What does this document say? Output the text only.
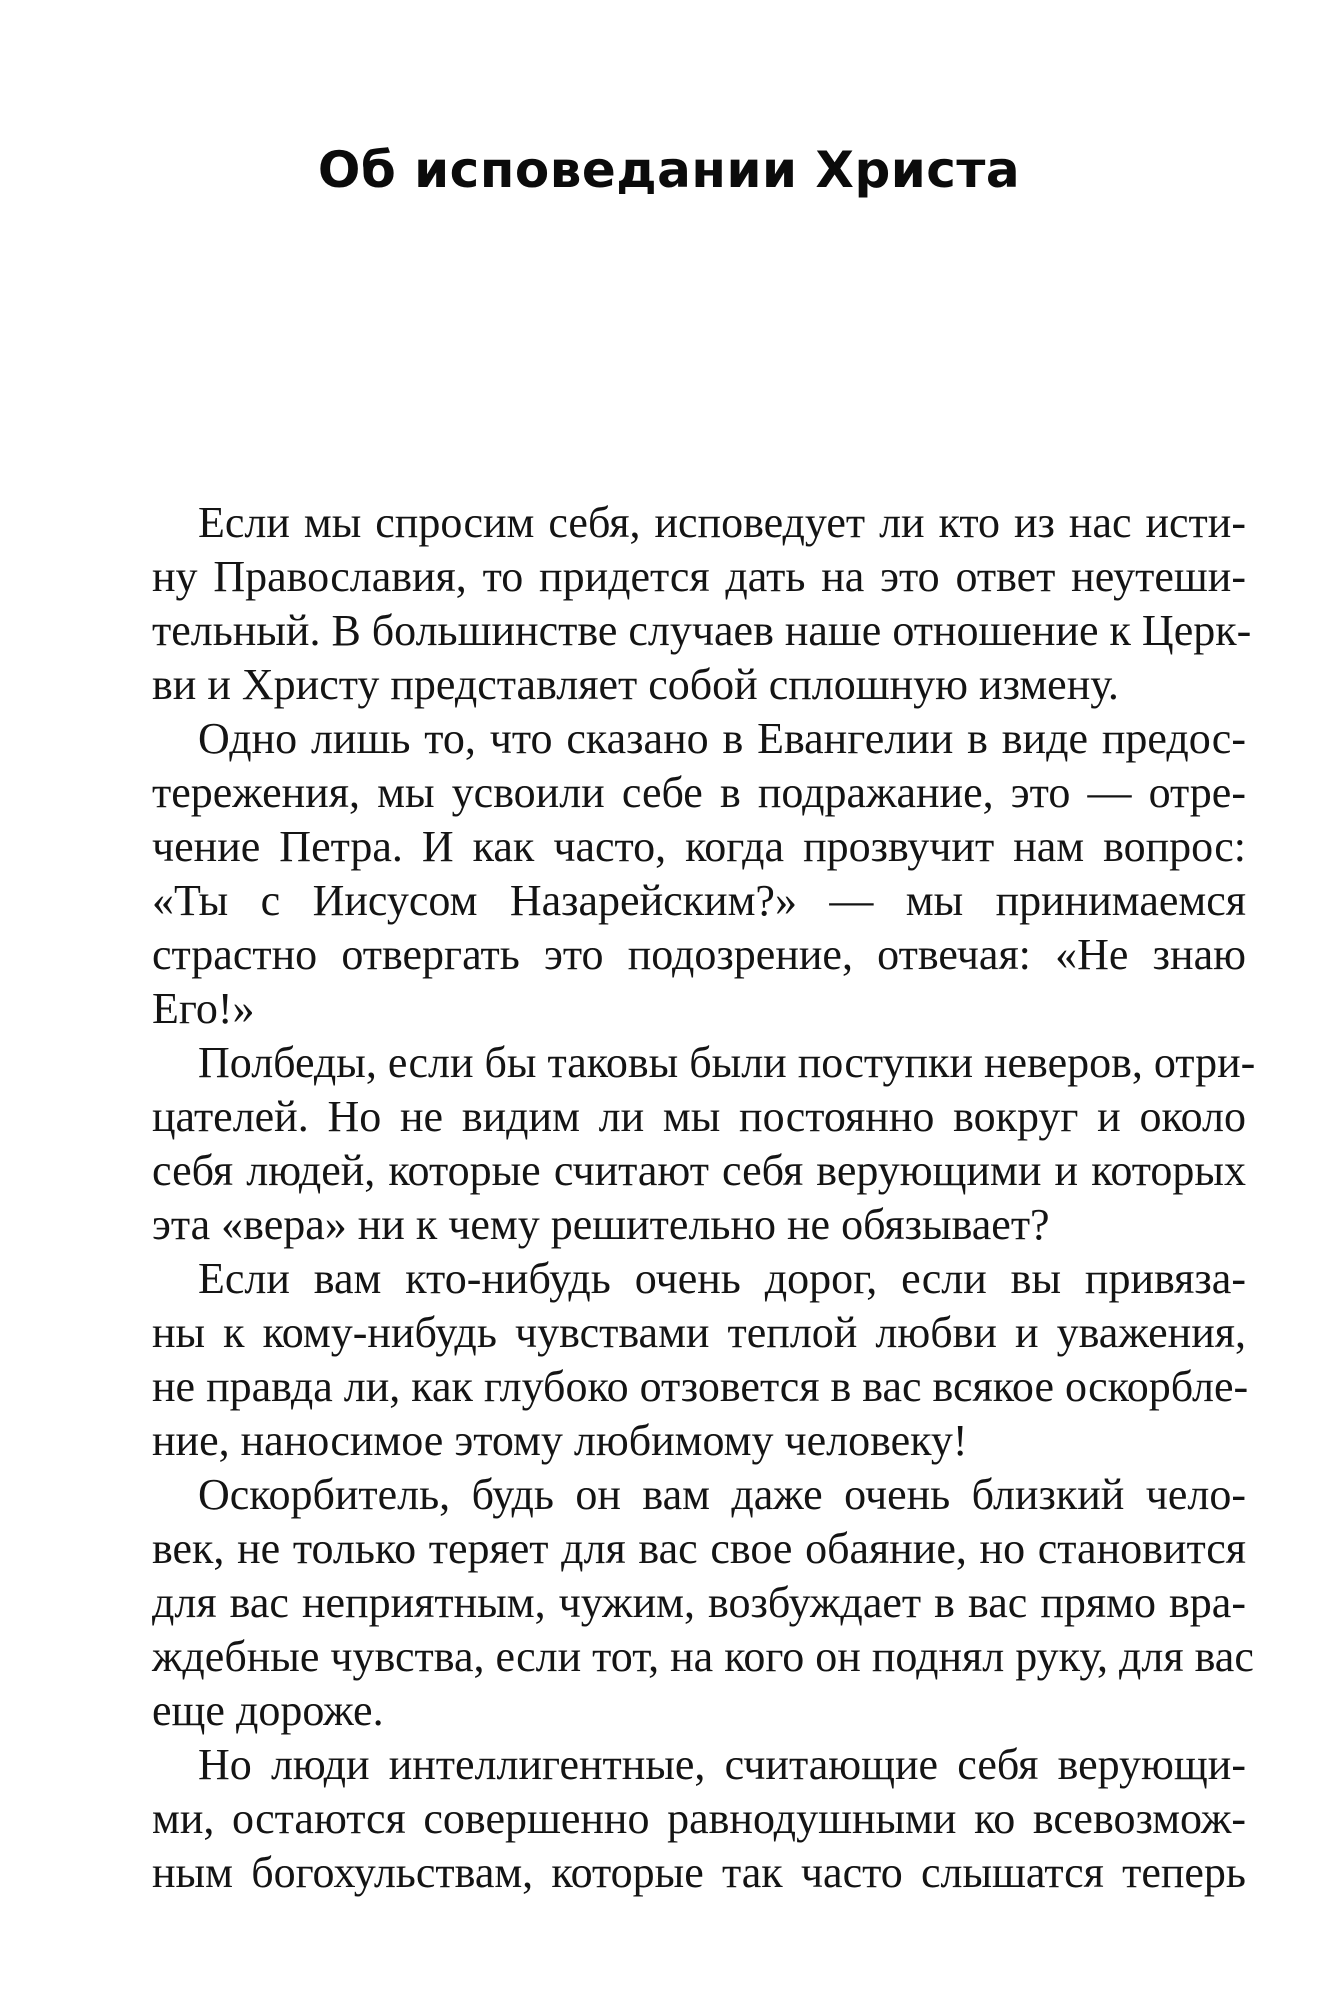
Об исповедании Христа
Если мы спросим себя, исповедует ли кто из нас исти-
ну Православия, то придется дать на это ответ неутеши-
тельный. В большинстве случаев наше отношение к Церк-
ви и Христу представляет собой сплошную измену.
Одно лишь то, что сказано в Евангелии в виде предос-
тережения, мы усвоили себе в подражание, это — отре-
чение Петра. И как часто, когда прозвучит нам вопрос:
«Ты с Иисусом Назарейским?» — мы принимаемся
страстно отвергать это подозрение, отвечая: «Не знаю
Его!»
Полбеды, если бы таковы были поступки неверов, отри-
цателей. Но не видим ли мы постоянно вокруг и около
себя людей, которые считают себя верующими и которых
эта «вера» ни к чему решительно не обязывает?
Если вам кто-нибудь очень дорог, если вы привяза-
ны к кому-нибудь чувствами теплой любви и уважения,
не правда ли, как глубоко отзовется в вас всякое оскорбле-
ние, наносимое этому любимому человеку!
Оскорбитель, будь он вам даже очень близкий чело-
век, не только теряет для вас свое обаяние, но становится
для вас неприятным, чужим, возбуждает в вас прямо вра-
ждебные чувства, если тот, на кого он поднял руку, для вас
еще дороже.
Но люди интеллигентные, считающие себя верующи-
ми, остаются совершенно равнодушными ко всевозмож-
ным богохульствам, которые так часто слышатся теперь
